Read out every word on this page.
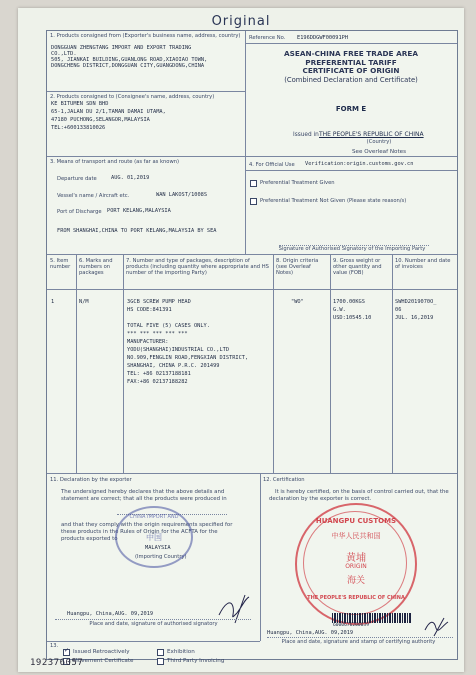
Original
1. Products consigned from (Exporter's business name, address, country)
DONGGUAN ZHENGTANG IMPORT AND EXPORT TRADING
CO.,LTD.
505, JIANKAI BUILDING,GUANLONG ROAD,XIAOIAO TOWN,
DONGCHENG DISTRICT,DONGGUAN CITY,GUANGDONG,CHINA
2. Products consigned to (Consignee's name, address, country)
KE BITUMEN SDN BHD
65-1,JALAN DU 2/1,TAMAN DAMAI UTAMA,
47180 PUCHONG,SELANGOR,MALAYSIA
TEL:+600133810026
Reference No. E196DDGWF00091PH
ASEAN-CHINA FREE TRADE AREA
PREFERENTIAL TARIFF
CERTIFICATE OF ORIGIN
(Combined Declaration and Certificate)
FORM E
Issued in THE PEOPLE'S REPUBLIC OF CHINA
(Country)
See Overleaf Notes
3. Means of transport and route (as far as known)
Departure date	AUG. 01,2019
Vessel's name / Aircraft etc.	WAN LAKOST/1008S
Port of Discharge PORT KELANG,MALAYSIA
FROM SHANGHAI,CHINA TO PORT KELANG,MALAYSIA BY SEA
4. For Official Use Verification:origin.customs.gov.cn
Preferential Treatment Given
Preferential Treatment Not Given (Please state reason/s)
Signature of Authorised Signatory of the Importing Party
5. Item number
6. Marks and numbers on packages
7. Number and type of packages, description of products (including quantity where appropriate and HS number of the importing Party)
8. Origin criteria (see Overleaf Notes)
9. Gross weight or other quantity and value (FOB)
10. Number and date of invoices
1	N/M	3GCB SCREW PUMP HEAD
HS CODE:841391
TOTAL FIVE (5) CASES ONLY.
*** *** *** *** ***
MANUFACTURER:
YODU(SHANGHAI)INDUSTRIAL CO.,LTD
NO.909,FENGLIN ROAD,FENGXIAN DISTRICT,
SHANGHAI, CHINA P.R.C. 201499
TEL: +86 02137188181
FAX:+86 02137188282
"WO"	1700.00KGS
G.W.
USD:10545.10
SWHD2019070O_
06
JUL. 16,2019
11. Declaration by the exporter
The undersigned hereby declares that the above details and
statement are correct; that all the products were produced in
and that they comply with the origin requirements specified for
these products in the Rules of Origin for the ACFTA for the
products exported to
MALAYSIA
(Importing Country)
CHINA IMPORT AND
中国
Huangpu, China,AUG. 09,2019
Place and date, signature of authorised signatory
12. Certification
It is hereby certified, on the basis of control carried out, that the
declaration by the exporter is correct.
HUANGPU CUSTOMS
中华人民共和国
黄埔
ORIGIN
海关
THE PEOPLE'S REPUBLIC OF CHINA
6000676200039
Huangpu, China,AUG. 09,2019
Place and date, signature and stamp of certifying authority
13.
✓ Issued Retroactively	Exhibition
Movement Certificate	Third Party Invoicing
192376057
